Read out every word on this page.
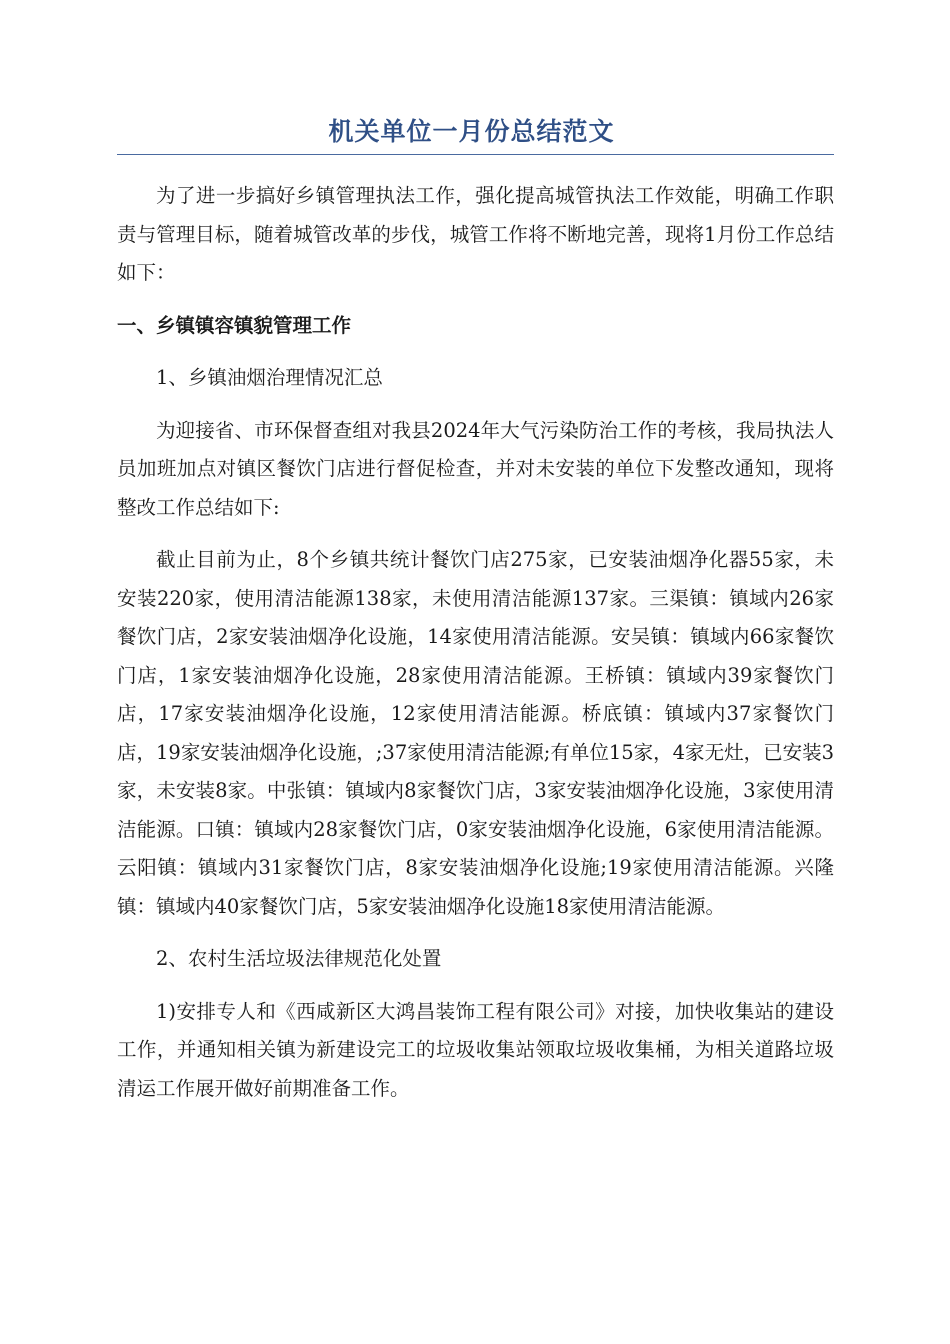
机关单位一月份总结范文

为了进一步搞好乡镇管理执法工作，强化提高城管执法工作效能，明确工作职责与管理目标，随着城管改革的步伐，城管工作将不断地完善，现将1月份工作总结如下：

一、乡镇镇容镇貌管理工作

1、乡镇油烟治理情况汇总

为迎接省、市环保督查组对我县2024年大气污染防治工作的考核，我局执法人员加班加点对镇区餐饮门店进行督促检查，并对未安装的单位下发整改通知，现将整改工作总结如下:

截止目前为止，8个乡镇共统计餐饮门店275家，已安装油烟净化器55家，未安装220家，使用清洁能源138家，未使用清洁能源137家。三渠镇：镇域内26家餐饮门店，2家安装油烟净化设施，14家使用清洁能源。安吴镇：镇域内66家餐饮门店，1家安装油烟净化设施，28家使用清洁能源。王桥镇：镇域内39家餐饮门店，17家安装油烟净化设施，12家使用清洁能源。桥底镇：镇域内37家餐饮门店，19家安装油烟净化设施，;37家使用清洁能源;有单位15家，4家无灶，已安装3家，未安装8家。中张镇：镇域内8家餐饮门店，3家安装油烟净化设施，3家使用清洁能源。口镇：镇域内28家餐饮门店，0家安装油烟净化设施，6家使用清洁能源。云阳镇：镇域内31家餐饮门店，8家安装油烟净化设施;19家使用清洁能源。兴隆镇：镇域内40家餐饮门店，5家安装油烟净化设施18家使用清洁能源。

2、农村生活垃圾法律规范化处置

1)安排专人和《西咸新区大鸿昌装饰工程有限公司》对接，加快收集站的建设工作，并通知相关镇为新建设完工的垃圾收集站领取垃圾收集桶，为相关道路垃圾清运工作展开做好前期准备工作。
